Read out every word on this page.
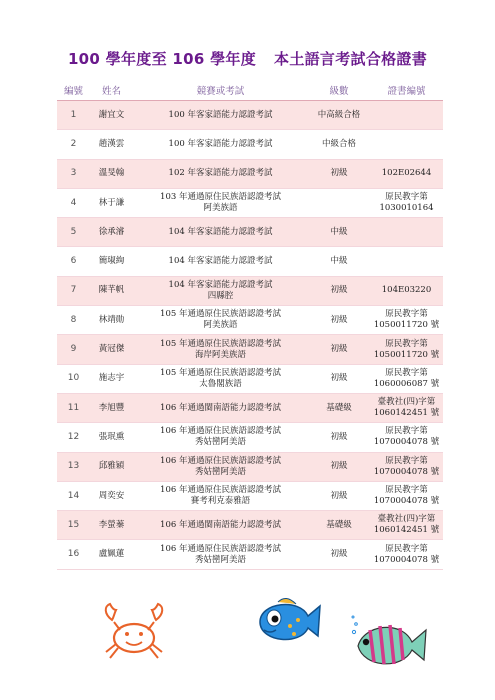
100 學年度至 106 學年度 本土語言考試合格證書
編號	姓名	競賽或考試	級數	證書編號
1	謝宜文	100 年客家語能力認證考試	中高級合格	
2	趙漢雲	100 年客家語能力認證考試	中級合格	
3	溫旻翰	102 年客家語能力認證考試	初級	102E02644

4	林于謙	103 年通過原住民族語認證考試
阿美族語		原民教字第
1030010164

5	徐承濬	104 年客家語能力認證考試	中級	
6	簡琡絢	104 年客家語能力認證考試	中級	
7	陳芊帆	104 年客家語能力認證考試
四縣腔	初級	104E03220

8	林靖勛	105 年通過原住民族語認證考試
阿美族語	初級	原民教字第
1050011720 號

9	黃冠傑	105 年通過原住民族語認證考試
海岸阿美族語	初級	原民教字第
1050011720 號

10	施志宇	105 年通過原住民族語認證考試
太魯閣族語	初級	原民教字第
1060006087 號

11	李旭豐	106 年通過閩南語能力認證考試	基礎級	臺教社(四)字第
1060142451 號

12	張珉熏	106 年通過原住民族語認證考試
秀姑巒阿美語	初級	原民教字第
1070004078 號

13	邱雅穎	106 年通過原住民族語認證考試
秀姑巒阿美語	初級	原民教字第
1070004078 號

14	周奕安	106 年通過原住民族語認證考試
賽考利克泰雅語	初級	原民教字第
1070004078 號

15	李螢蓁	106 年通過閩南語能力認證考試	基礎級	臺教社(四)字第
1060142451 號

16	盧姵蓮	106 年通過原住民族語認證考試
秀姑巒阿美語	初級	原民教字第
1070004078 號
